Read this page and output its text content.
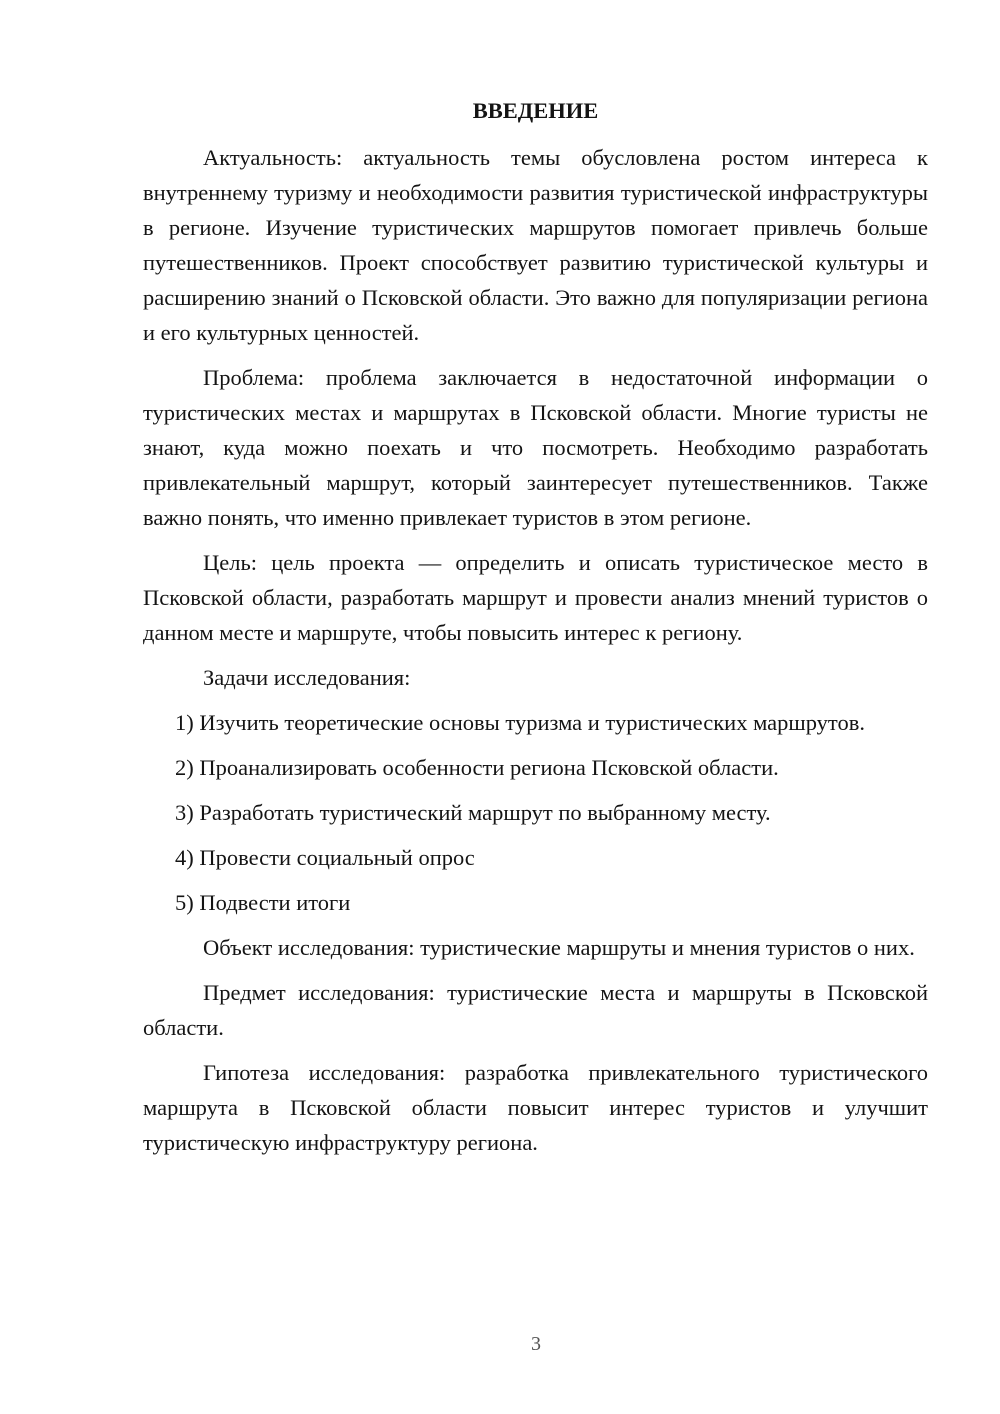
ВВЕДЕНИЕ

Актуальность: актуальность темы обусловлена ростом интереса к внутреннему туризму и необходимости развития туристической инфраструктуры в регионе. Изучение туристических маршрутов помогает привлечь больше путешественников. Проект способствует развитию туристической культуры и расширению знаний о Псковской области. Это важно для популяризации региона и его культурных ценностей.

Проблема: проблема заключается в недостаточной информации о туристических местах и маршрутах в Псковской области. Многие туристы не знают, куда можно поехать и что посмотреть. Необходимо разработать привлекательный маршрут, который заинтересует путешественников. Также важно понять, что именно привлекает туристов в этом регионе.

Цель: цель проекта — определить и описать туристическое место в Псковской области, разработать маршрут и провести анализ мнений туристов о данном месте и маршруте, чтобы повысить интерес к региону.

Задачи исследования:

1) Изучить теоретические основы туризма и туристических маршрутов.

2) Проанализировать особенности региона Псковской области.

3) Разработать туристический маршрут по выбранному месту.

4) Провести социальный опрос

5) Подвести итоги

Объект исследования: туристические маршруты и мнения туристов о них.

Предмет исследования: туристические места и маршруты в Псковской области.

Гипотеза исследования: разработка привлекательного туристического маршрута в Псковской области повысит интерес туристов и улучшит туристическую инфраструктуру региона.

3
